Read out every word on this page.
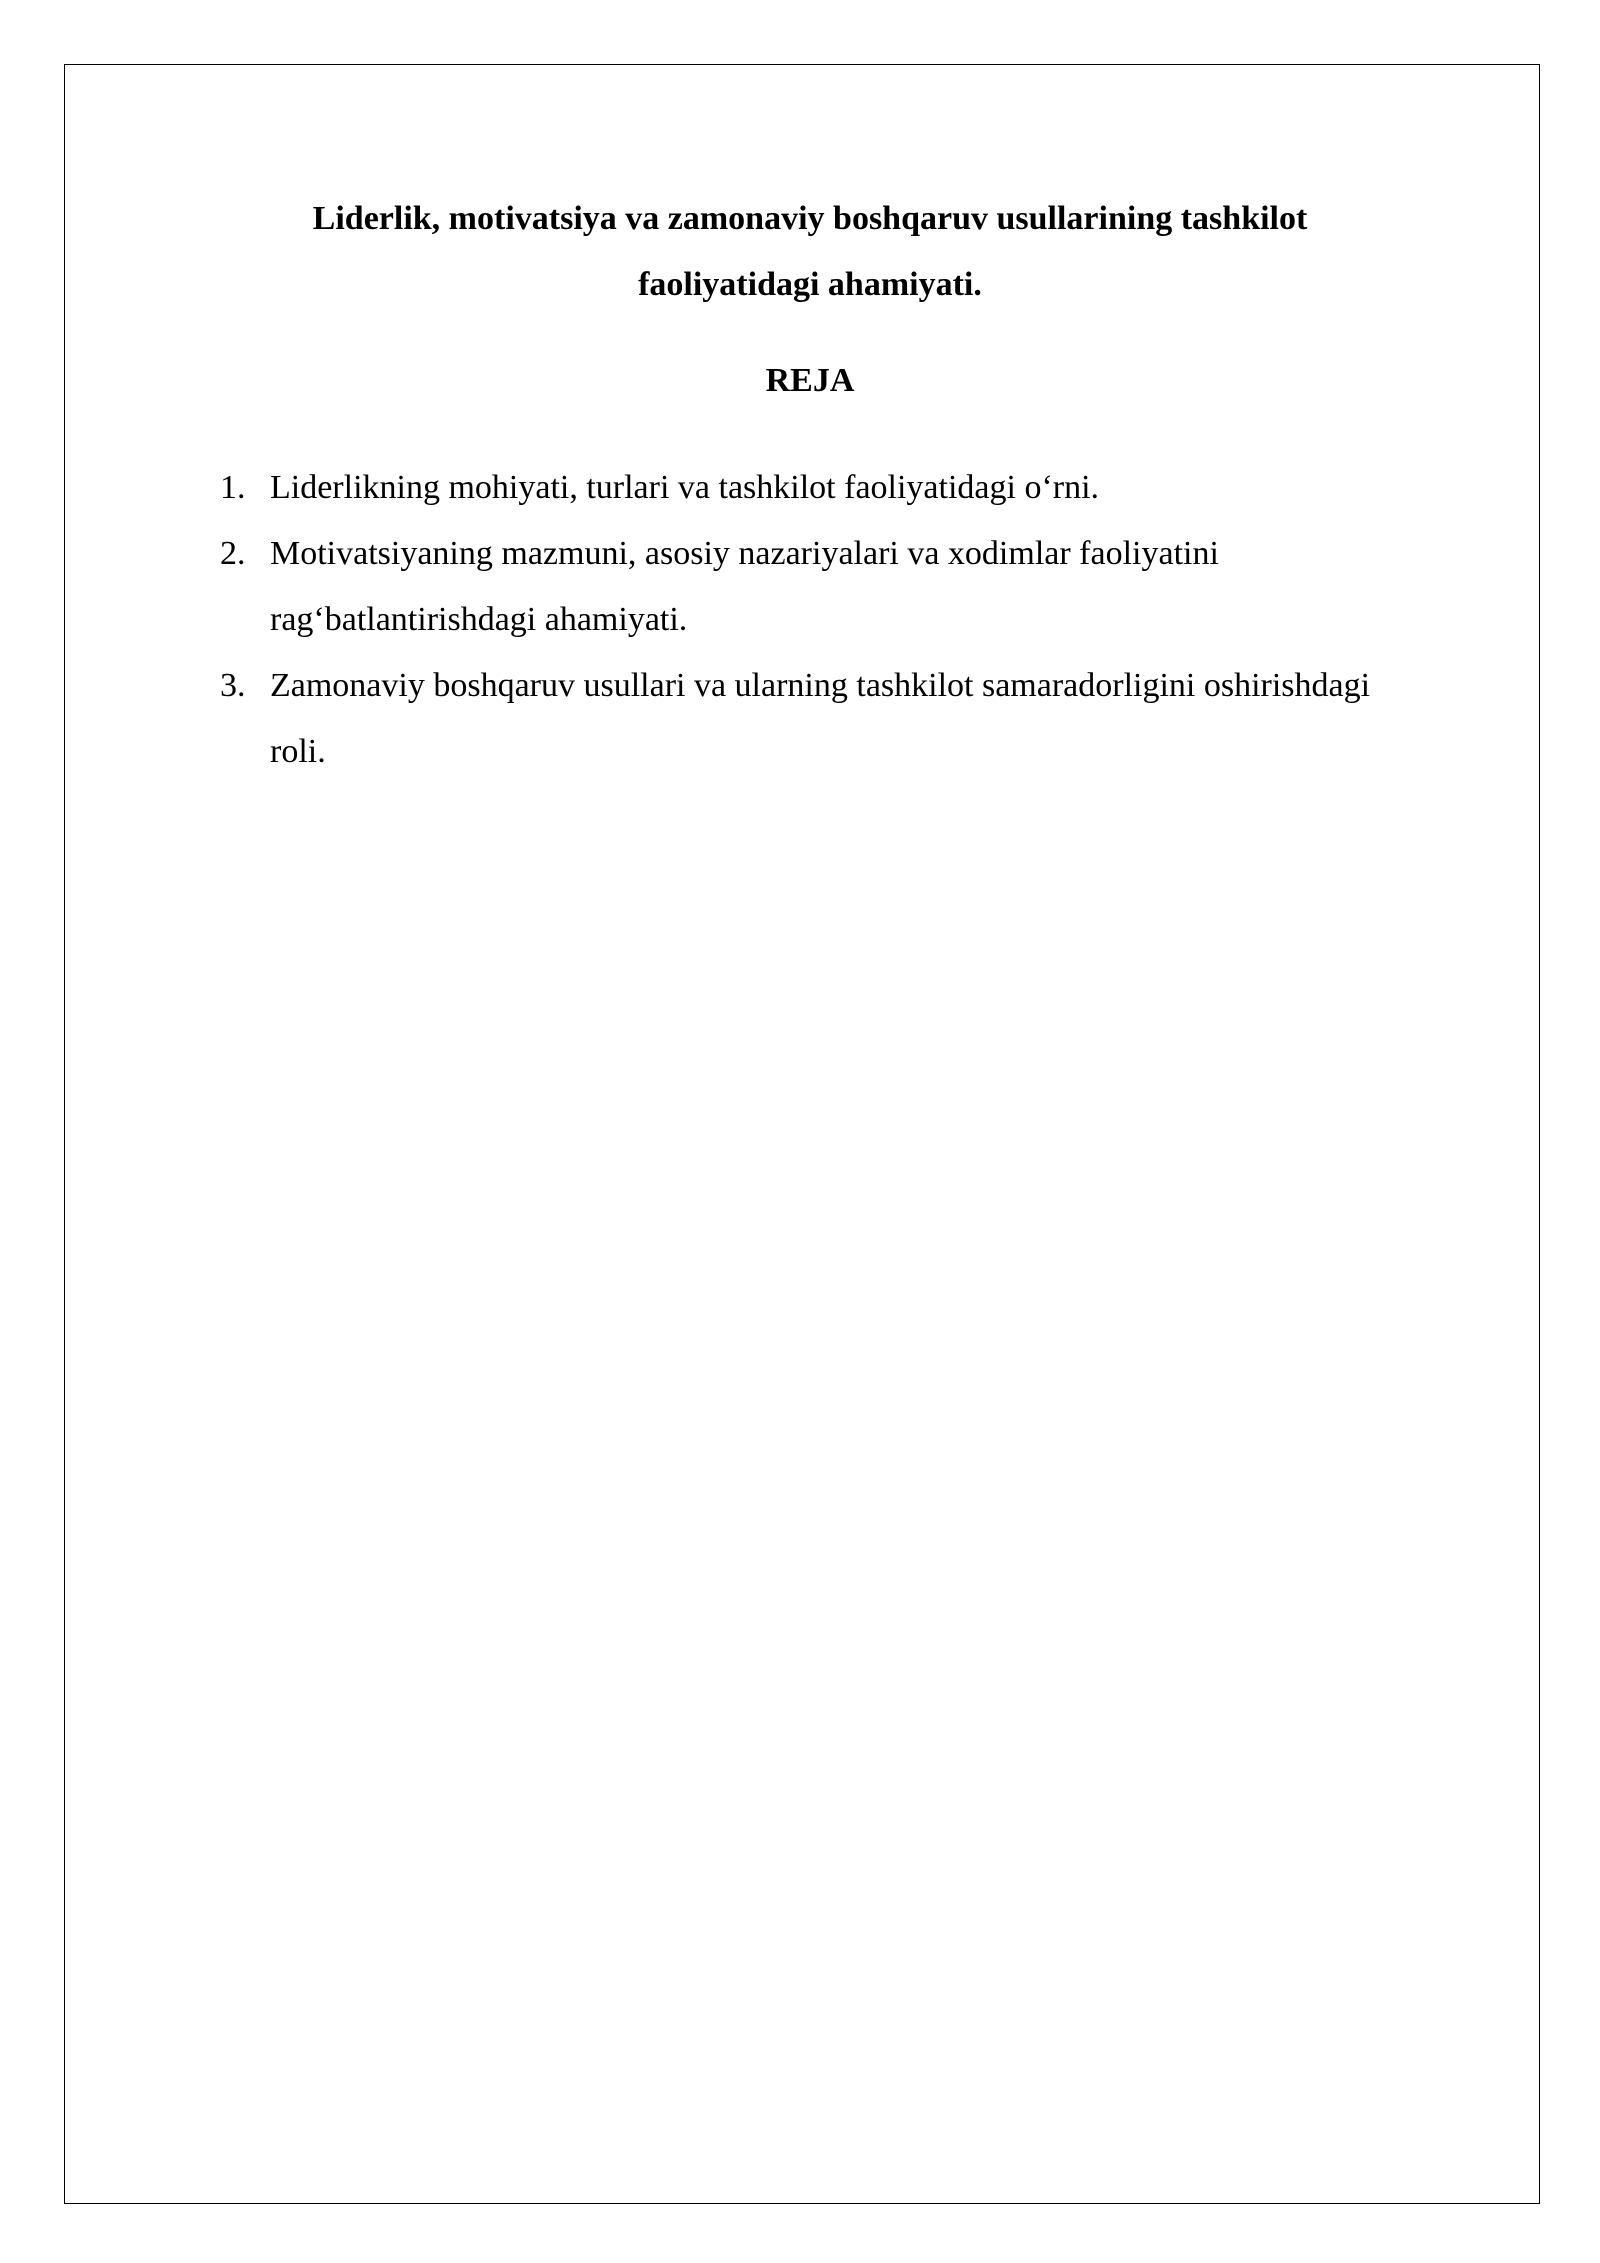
Liderlik, motivatsiya va zamonaviy boshqaruv usullarining tashkilot
faoliyatidagi ahamiyati.
REJA
1. Liderlikning mohiyati, turlari va tashkilot faoliyatidagi o‘rni.
2. Motivatsiyaning mazmuni, asosiy nazariyalari va xodimlar faoliyatini rag‘batlantirishdagi ahamiyati.
3. Zamonaviy boshqaruv usullari va ularning tashkilot samaradorligini oshirishdagi roli.
